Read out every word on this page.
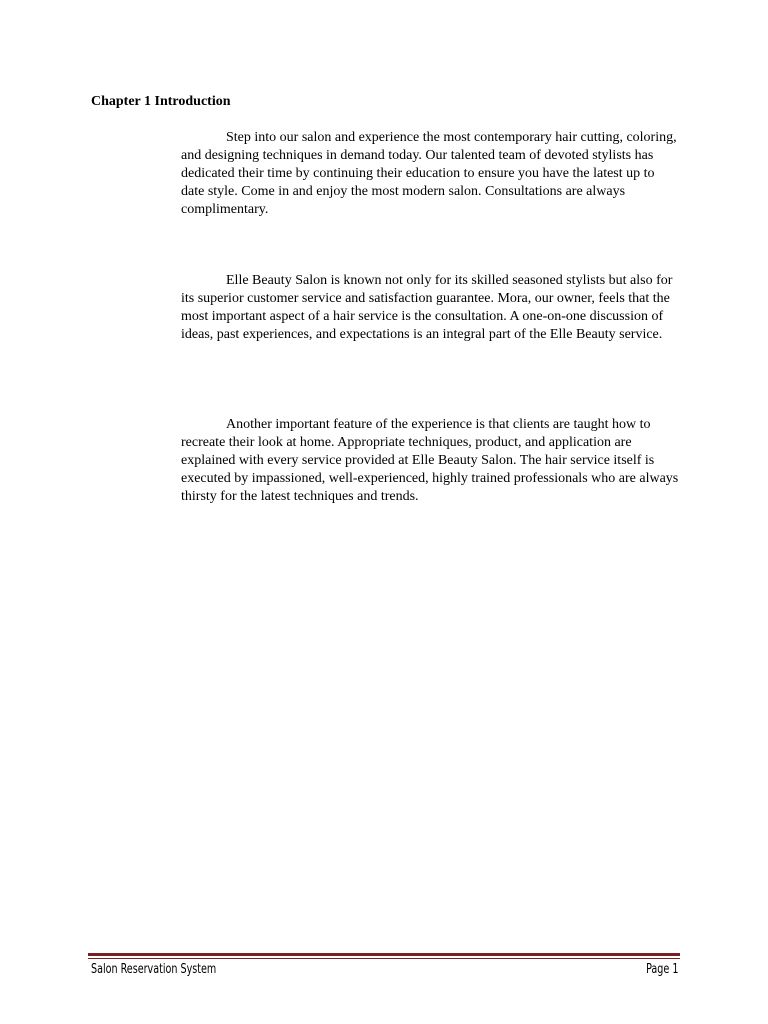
Chapter 1 Introduction

Step into our salon and experience the most contemporary hair cutting, coloring, and designing techniques in demand today. Our talented team of devoted stylists has dedicated their time by continuing their education to ensure you have the latest up to date style. Come in and enjoy the most modern salon. Consultations are always complimentary.

Elle Beauty Salon is known not only for its skilled seasoned stylists but also for its superior customer service and satisfaction guarantee. Mora, our owner, feels that the most important aspect of a hair service is the consultation. A one-on-one discussion of ideas, past experiences, and expectations is an integral part of the Elle Beauty service.

Another important feature of the experience is that clients are taught how to recreate their look at home. Appropriate techniques, product, and application are explained with every service provided at Elle Beauty Salon. The hair service itself is executed by impassioned, well-experienced, highly trained professionals who are always thirsty for the latest techniques and trends.

Salon Reservation System	Page 1
